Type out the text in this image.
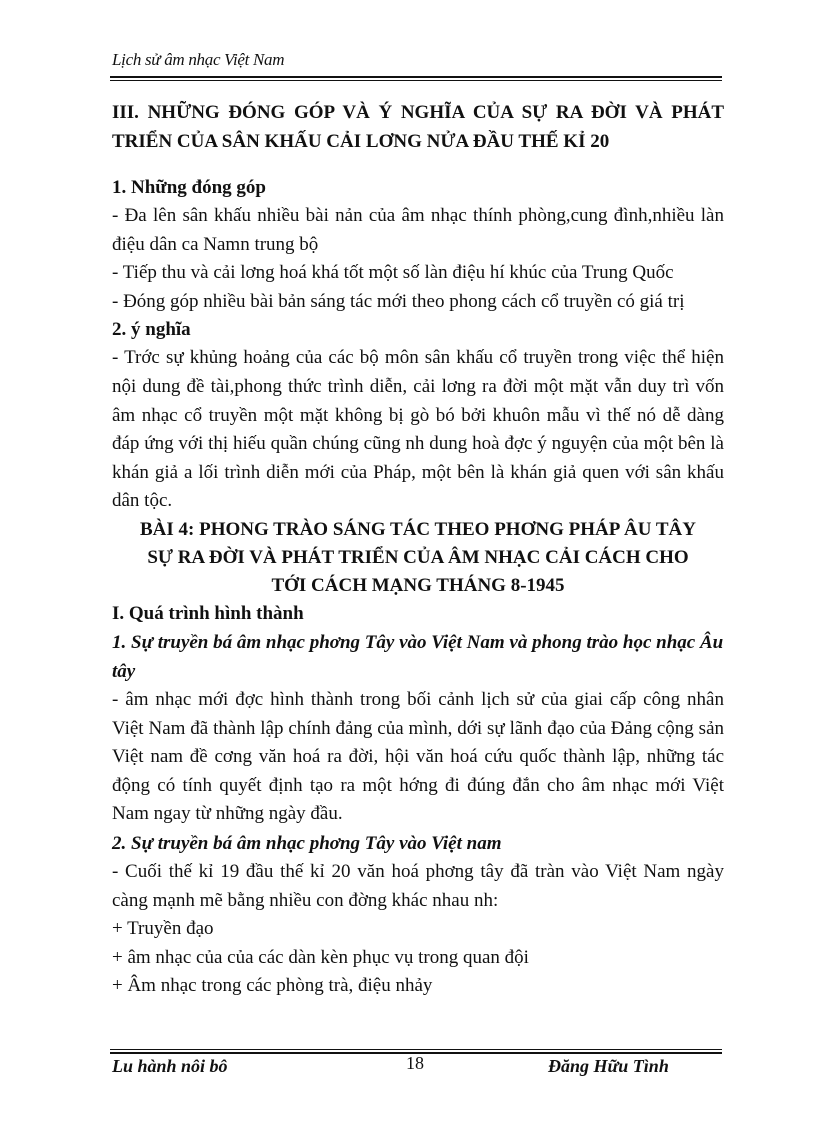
Lịch sử âm nhạc Việt Nam

III. NHỮNG ĐÓNG GÓP VÀ Ý NGHĨA CỦA SỰ RA ĐỜI VÀ PHÁT TRIỂN CỦA SÂN KHẤU CẢI LƠNG NỬA ĐẦU THẾ KỈ 20

1. Những đóng góp

- Đa lên sân khấu nhiều bài nản của âm nhạc thính phòng,cung đình,nhiều làn điệu dân ca Namn trung bộ

- Tiếp thu và cải lơng hoá khá tốt một số làn điệu hí khúc của Trung Quốc

- Đóng góp nhiều bài bản sáng tác mới theo phong cách cổ truyền có giá trị

2. ý nghĩa

- Trớc sự khủng hoảng của các bộ môn sân khấu cổ truyền trong việc thể hiện nội dung đề tài,phong thức trình diễn, cải lơng ra đời một mặt vẫn duy trì vốn âm nhạc cổ truyền một mặt không bị gò bó bởi khuôn mẫu vì thế nó dễ dàng đáp ứng với thị hiếu quần chúng cũng nh dung hoà đợc ý nguyện của một bên là khán giả a lối trình diễn mới của Pháp, một bên là khán giả quen với sân khấu dân tộc.

BÀI 4: PHONG TRÀO SÁNG TÁC THEO PHƠNG PHÁP ÂU TÂY

SỰ RA ĐỜI VÀ PHÁT TRIỂN CỦA ÂM NHẠC CẢI CÁCH CHO

TỚI CÁCH MẠNG THÁNG 8-1945

I. Quá trình hình thành

1. Sự truyền bá âm nhạc phơng Tây vào Việt Nam và phong trào học nhạc Âu tây

- âm nhạc mới đợc hình thành trong bối cảnh lịch sử của giai cấp công nhân Việt Nam đã thành lập chính đảng của mình, dới sự lãnh đạo của Đảng cộng sản Việt nam đề cơng văn hoá ra đời, hội văn hoá cứu quốc thành lập, những tác động có tính quyết định tạo ra một hớng đi đúng đắn cho âm nhạc mới Việt Nam ngay từ những ngày đầu.

2. Sự truyền bá âm nhạc phơng Tây vào Việt nam

- Cuối thế kỉ 19 đầu thế kỉ 20 văn hoá phơng tây đã tràn vào Việt Nam ngày càng mạnh mẽ bằng nhiều con đờng khác nhau nh:

+ Truyền đạo

+ âm nhạc của của các dàn kèn phục vụ trong quan đội

+ Âm nhạc trong các phòng trà, điệu nhảy

Lu hành nôi bô	18	Đăng Hữu Tình
